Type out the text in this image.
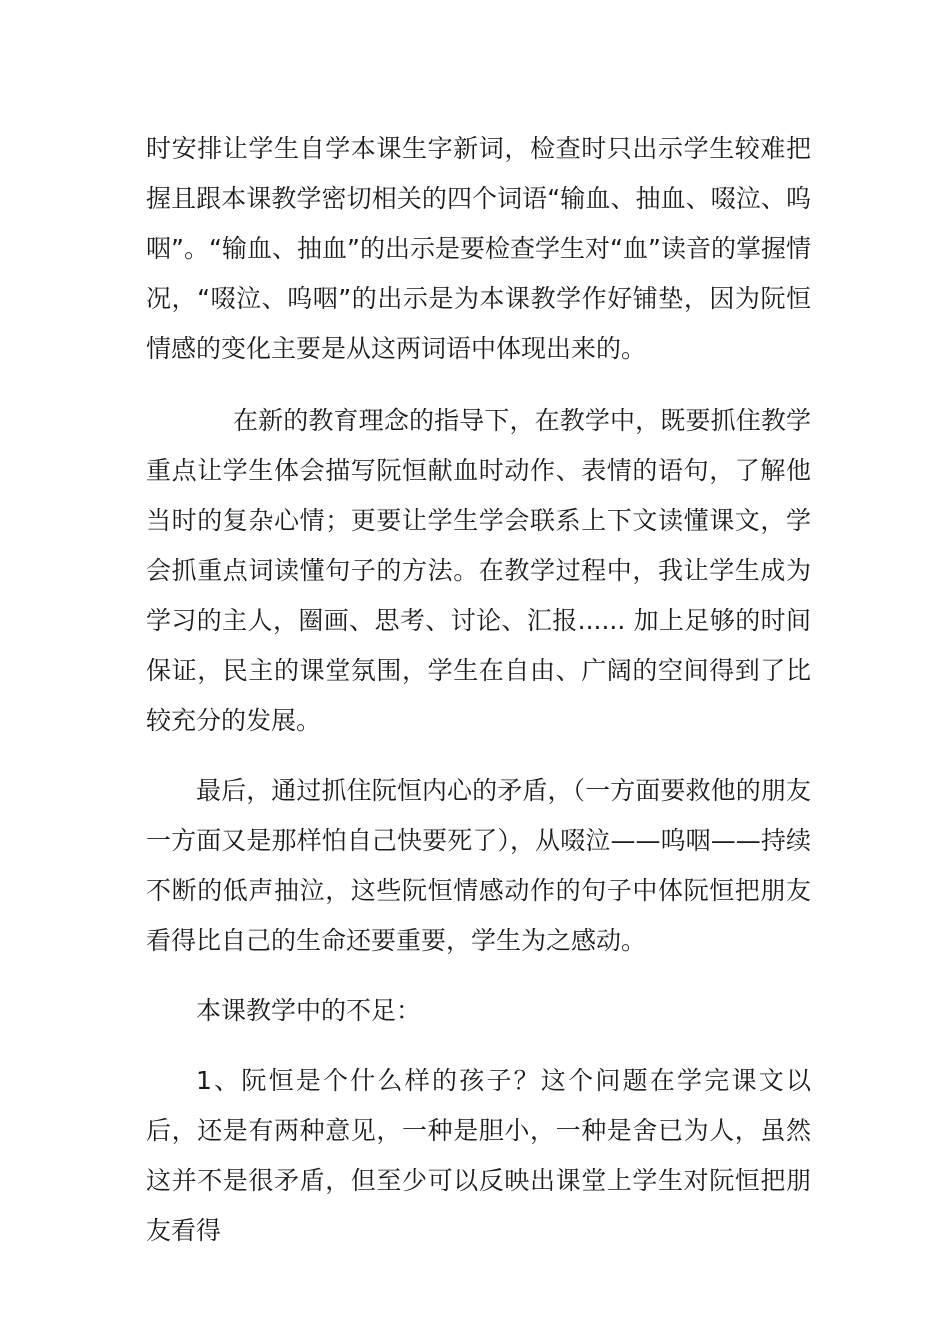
时安排让学生自学本课生字新词，检查时只出示学生较难把握且跟本课教学密切相关的四个词语“输血、抽血、啜泣、呜咽”。“输血、抽血”的出示是要检查学生对“血”读音的掌握情况，“啜泣、呜咽”的出示是为本课教学作好铺垫，因为阮恒情感的变化主要是从这两词语中体现出来的。

在新的教育理念的指导下，在教学中，既要抓住教学重点让学生体会描写阮恒献血时动作、表情的语句，了解他当时的复杂心情；更要让学生学会联系上下文读懂课文，学会抓重点词读懂句子的方法。在教学过程中，我让学生成为学习的主人，圈画、思考、讨论、汇报...... 加上足够的时间保证，民主的课堂氛围，学生在自由、广阔的空间得到了比较充分的发展。

最后，通过抓住阮恒内心的矛盾，（一方面要救他的朋友一方面又是那样怕自己快要死了），从啜泣——呜咽——持续不断的低声抽泣，这些阮恒情感动作的句子中体阮恒把朋友看得比自己的生命还要重要，学生为之感动。

本课教学中的不足：

1、阮恒是个什么样的孩子？这个问题在学完课文以后，还是有两种意见，一种是胆小，一种是舍已为人，虽然这并不是很矛盾，但至少可以反映出课堂上学生对阮恒把朋友看得
